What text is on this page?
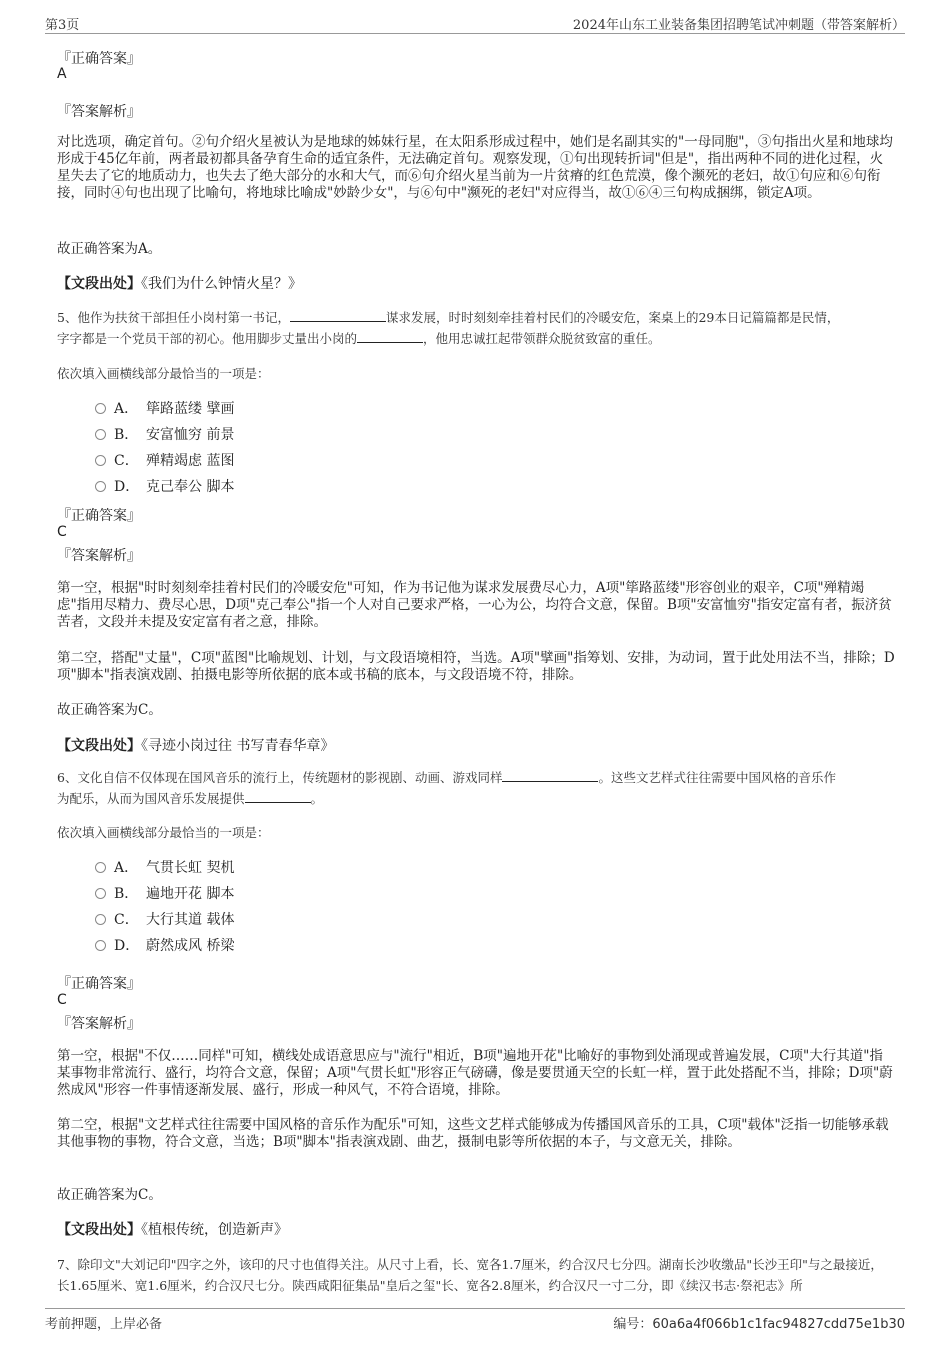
第3页	2024年山东工业装备集团招聘笔试冲刺题（带答案解析）
『正确答案』
A
『答案解析』
对比选项，确定首句。②句介绍火星被认为是地球的姊妹行星，在太阳系形成过程中，她们是名副其实的"一母同胞"，③句指出火星和地球均形成于45亿年前，两者最初都具备孕育生命的适宜条件，无法确定首句。观察发现，①句出现转折词"但是"，指出两种不同的进化过程，火星失去了它的地质动力，也失去了绝大部分的水和大气，而⑥句介绍火星当前为一片贫瘠的红色荒漠，像个濒死的老妇，故①句应和⑥句衔接，同时④句也出现了比喻句，将地球比喻成"妙龄少女"，与⑥句中"濒死的老妇"对应得当，故①⑥④三句构成捆绑，锁定A项。
故正确答案为A。
【文段出处】《我们为什么钟情火星？》
5、他作为扶贫干部担任小岗村第一书记，	谋求发展，时时刻刻牵挂着村民们的冷暖安危，案桌上的29本日记篇篇都是民情，
字字都是一个党员干部的初心。他用脚步丈量出小岗的	，他用忠诚扛起带领群众脱贫致富的重任。
依次填入画横线部分最恰当的一项是：
A． 筚路蓝缕 擘画
B． 安富恤穷 前景
C． 殚精竭虑 蓝图
D． 克己奉公 脚本
『正确答案』
C
『答案解析』
第一空，根据"时时刻刻牵挂着村民们的冷暖安危"可知，作为书记他为谋求发展费尽心力，A项"筚路蓝缕"形容创业的艰辛，C项"殚精竭虑"指用尽精力、费尽心思，D项"克己奉公"指一个人对自己要求严格，一心为公，均符合文意，保留。B项"安富恤穷"指安定富有者，振济贫苦者，文段并未提及安定富有者之意，排除。
第二空，搭配"丈量"，C项"蓝图"比喻规划、计划，与文段语境相符，当选。A项"擘画"指筹划、安排，为动词，置于此处用法不当，排除；D项"脚本"指表演戏剧、拍摄电影等所依据的底本或书稿的底本，与文段语境不符，排除。
故正确答案为C。
【文段出处】《寻迹小岗过往 书写青春华章》
6、文化自信不仅体现在国风音乐的流行上，传统题材的影视剧、动画、游戏同样	。这些文艺样式往往需要中国风格的音乐作
为配乐，从而为国风音乐发展提供	。
依次填入画横线部分最恰当的一项是：
A． 气贯长虹 契机
B． 遍地开花 脚本
C． 大行其道 载体
D． 蔚然成风 桥梁
『正确答案』
C
『答案解析』
第一空，根据"不仅……同样"可知，横线处成语意思应与"流行"相近，B项"遍地开花"比喻好的事物到处涌现或普遍发展，C项"大行其道"指某事物非常流行、盛行，均符合文意，保留；A项"气贯长虹"形容正气磅礴，像是要贯通天空的长虹一样，置于此处搭配不当，排除；D项"蔚然成风"形容一件事情逐渐发展、盛行，形成一种风气，不符合语境，排除。
第二空，根据"文艺样式往往需要中国风格的音乐作为配乐"可知，这些文艺样式能够成为传播国风音乐的工具，C项"载体"泛指一切能够承载其他事物的事物，符合文意，当选；B项"脚本"指表演戏剧、曲艺，摄制电影等所依据的本子，与文意无关，排除。
故正确答案为C。
【文段出处】《植根传统，创造新声》
7、除印文"大刘记印"四字之外，该印的尺寸也值得关注。从尺寸上看，长、宽各1.7厘米，约合汉尺七分四。湖南长沙收缴品"长沙王印"与之最接近，长1.65厘米、宽1.6厘米，约合汉尺七分。陕西咸阳征集品"皇后之玺"长、宽各2.8厘米，约合汉尺一寸二分，即《续汉书志·祭祀志》所
考前押题，上岸必备	编号：60a6a4f066b1c1fac94827cdd75e1b30
